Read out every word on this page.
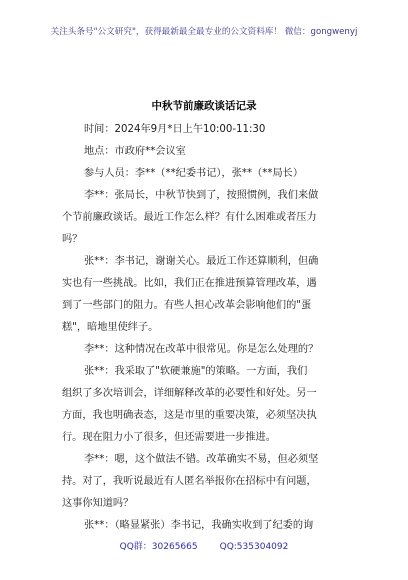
关注头条号"公文研究"，获得最新最全最专业的公文资料库！ 微信：gongwenyj
中秋节前廉政谈话记录
时间：2024年9月*日上午10:00-11:30
地点：市政府**会议室
参与人员：李**（**纪委书记），张**（**局长）
李**：张局长，中秋节快到了，按照惯例，我们来做
个节前廉政谈话。最近工作怎么样？有什么困难或者压力
吗？
张**：李书记，谢谢关心。最近工作还算顺利，但确
实也有一些挑战。比如，我们正在推进预算管理改革，遇
到了一些部门的阻力。有些人担心改革会影响他们的"蛋
糕"，暗地里使绊子。
李**：这种情况在改革中很常见。你是怎么处理的？
张**：我采取了"软硬兼施"的策略。一方面，我们
组织了多次培训会，详细解释改革的必要性和好处。另一
方面，我也明确表态，这是市里的重要决策，必须坚决执
行。现在阻力小了很多，但还需要进一步推进。
李**：嗯，这个做法不错。改革确实不易，但必须坚
持。对了，我听说最近有人匿名举报你在招标中有问题，
这事你知道吗？
张**：（略显紧张）李书记，我确实收到了纪委的询
QQ群：30265665 QQ:535304092
